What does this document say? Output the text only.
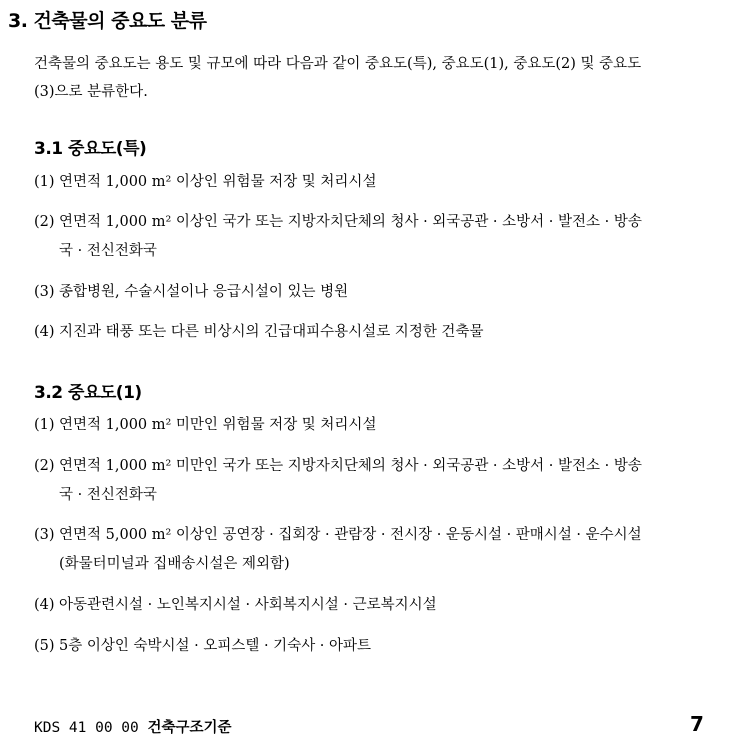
3. 건축물의 중요도 분류
건축물의 중요도는 용도 및 규모에 따라 다음과 같이 중요도(특), 중요도(1), 중요도(2) 및 중요도
(3)으로 분류한다.
3.1 중요도(특)
(1) 연면적 1,000 m² 이상인 위험물 저장 및 처리시설
(2) 연면적 1,000 m² 이상인 국가 또는 지방자치단체의 청사 · 외국공관 · 소방서 · 발전소 · 방송
국 · 전신전화국
(3) 종합병원, 수술시설이나 응급시설이 있는 병원
(4) 지진과 태풍 또는 다른 비상시의 긴급대피수용시설로 지정한 건축물
3.2 중요도(1)
(1) 연면적 1,000 m² 미만인 위험물 저장 및 처리시설
(2) 연면적 1,000 m² 미만인 국가 또는 지방자치단체의 청사 · 외국공관 · 소방서 · 발전소 · 방송
국 · 전신전화국
(3) 연면적 5,000 m² 이상인 공연장 · 집회장 · 관람장 · 전시장 · 운동시설 · 판매시설 · 운수시설
(화물터미널과 집배송시설은 제외함)
(4) 아동관련시설 · 노인복지시설 · 사회복지시설 · 근로복지시설
(5) 5층 이상인 숙박시설 · 오피스텔 · 기숙사 · 아파트
KDS 41 00 00 건축구조기준	7
